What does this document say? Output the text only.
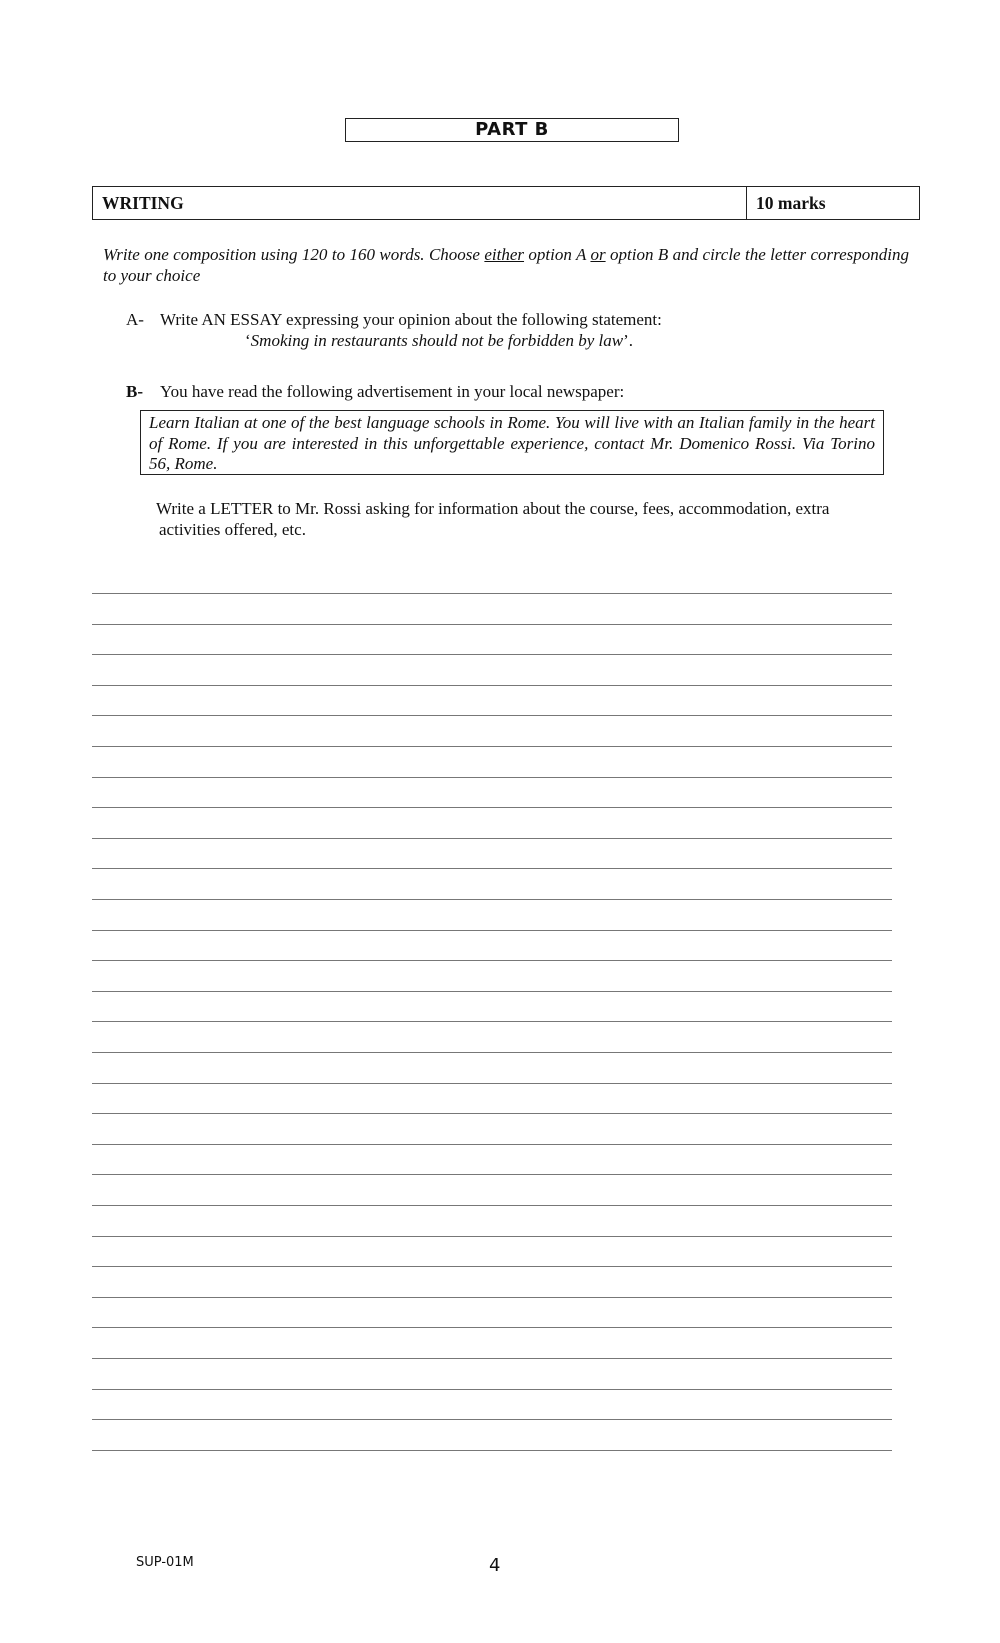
PART B
WRITING	10 marks
Write one composition using 120 to 160 words. Choose either option A or option B and circle the letter corresponding to your choice
A- Write AN ESSAY expressing your opinion about the following statement:
‘Smoking in restaurants should not be forbidden by law’.
B- You have read the following advertisement in your local newspaper:
Learn Italian at one of the best language schools in Rome. You will live with an Italian family in the heart of Rome. If you are interested in this unforgettable experience, contact Mr. Domenico Rossi. Via Torino 56, Rome.
Write a LETTER to Mr. Rossi asking for information about the course, fees, accommodation, extra
activities offered, etc.
SUP-01M	4
